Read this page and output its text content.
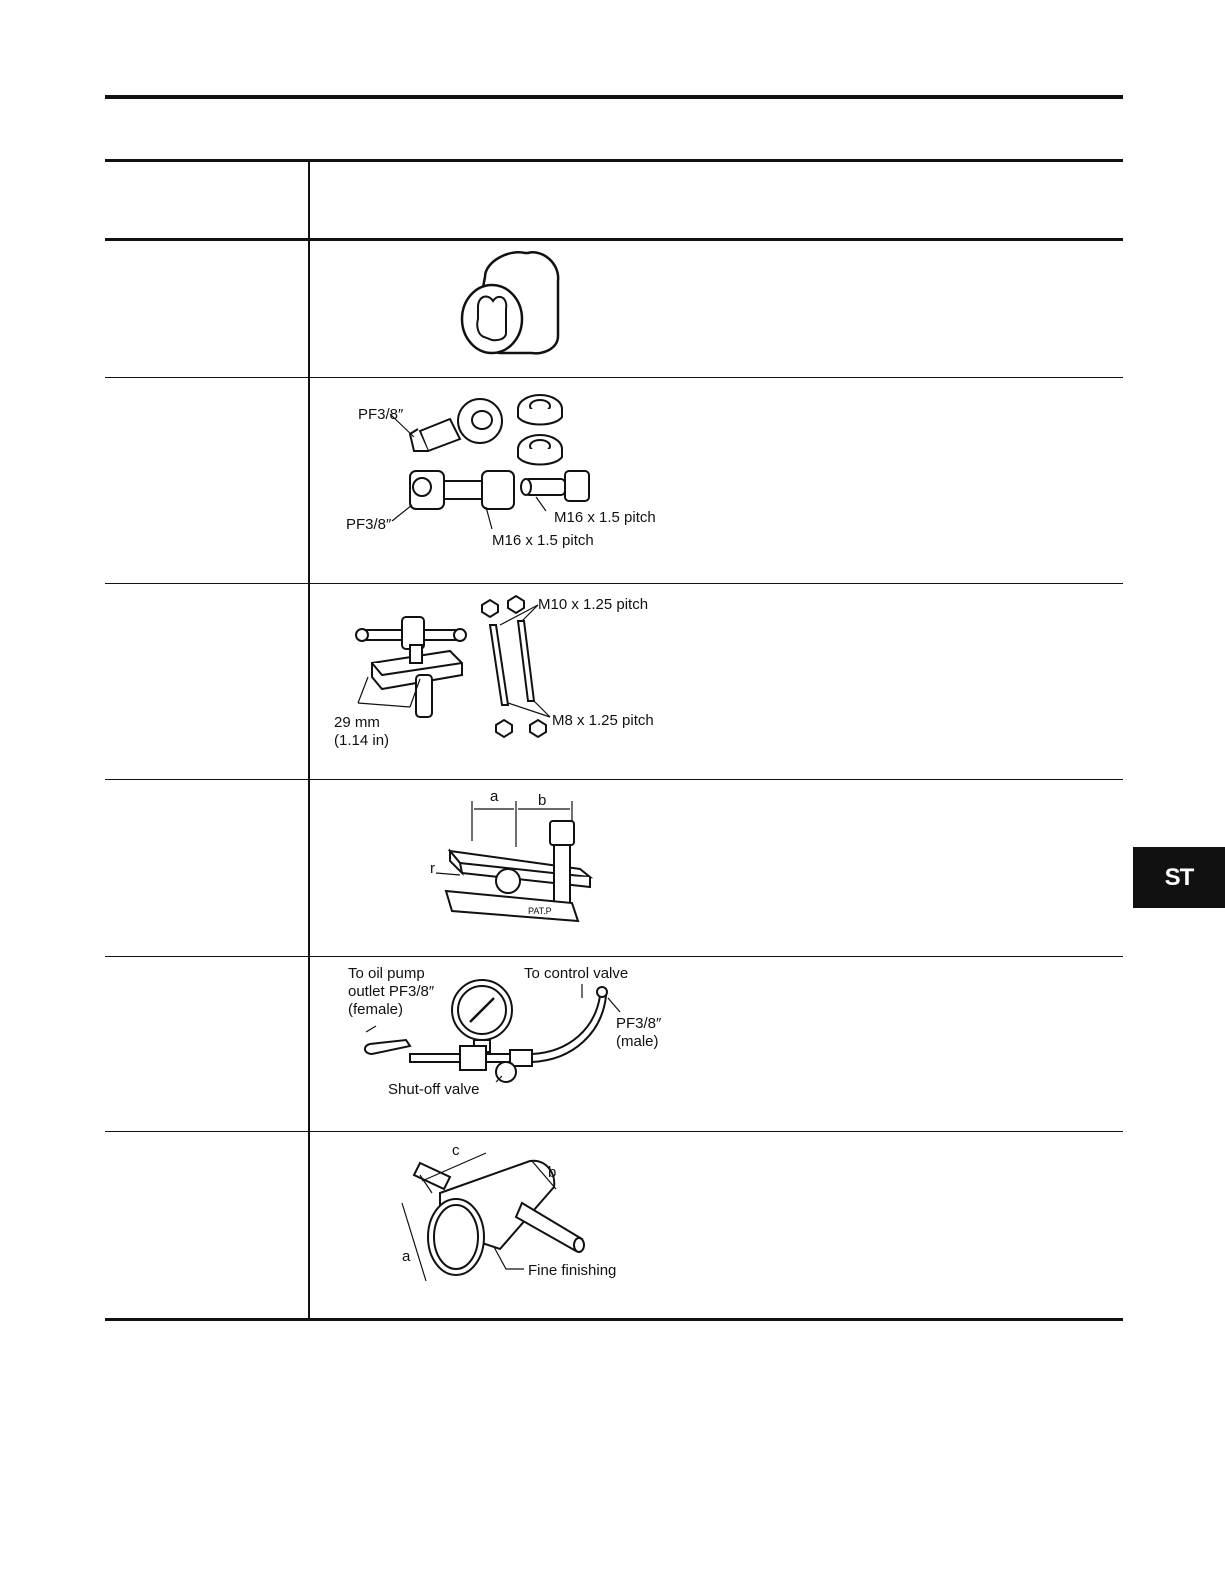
PF3/8″
PF3/8″	M16 x 1.5 pitch
M16 x 1.5 pitch
M10 x 1.25 pitch
M8 x 1.25 pitch
29 mm
(1.14 in)
a	b
r
PAT.P
To oil pump
outlet PF3/8″
(female)
To control valve
PF3/8″
(male)
Shut-off valve
c
b
a
Fine finishing
ST
